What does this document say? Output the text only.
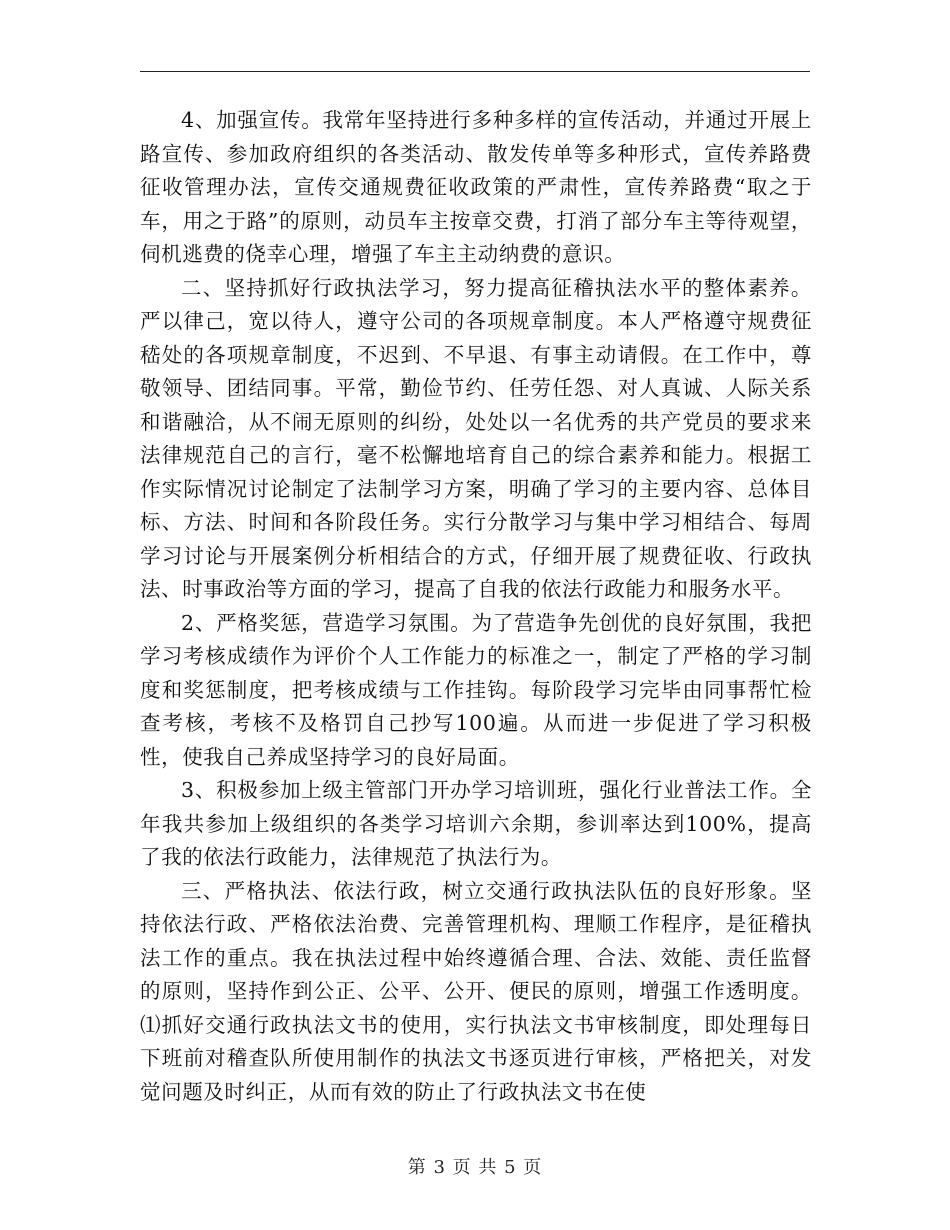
4、加强宣传。我常年坚持进行多种多样的宣传活动，并通过开展上路宣传、参加政府组织的各类活动、散发传单等多种形式，宣传养路费征收管理办法，宣传交通规费征收政策的严肃性，宣传养路费“取之于车，用之于路”的原则，动员车主按章交费，打消了部分车主等待观望，伺机逃费的侥幸心理，增强了车主主动纳费的意识。

二、坚持抓好行政执法学习，努力提高征稽执法水平的整体素养。严以律己，宽以待人，遵守公司的各项规章制度。本人严格遵守规费征嵇处的各项规章制度，不迟到、不早退、有事主动请假。在工作中，尊敬领导、团结同事。平常，勤俭节约、任劳任怨、对人真诚、人际关系和谐融洽，从不闹无原则的纠纷，处处以一名优秀的共产党员的要求来法律规范自己的言行，毫不松懈地培育自己的综合素养和能力。根据工作实际情况讨论制定了法制学习方案，明确了学习的主要内容、总体目标、方法、时间和各阶段任务。实行分散学习与集中学习相结合、每周学习讨论与开展案例分析相结合的方式，仔细开展了规费征收、行政执法、时事政治等方面的学习，提高了自我的依法行政能力和服务水平。

2、严格奖惩，营造学习氛围。为了营造争先创优的良好氛围，我把学习考核成绩作为评价个人工作能力的标准之一，制定了严格的学习制度和奖惩制度，把考核成绩与工作挂钩。每阶段学习完毕由同事帮忙检查考核，考核不及格罚自己抄写100遍。从而进一步促进了学习积极性，使我自己养成坚持学习的良好局面。

3、积极参加上级主管部门开办学习培训班，强化行业普法工作。全年我共参加上级组织的各类学习培训六余期，参训率达到100%，提高了我的依法行政能力，法律规范了执法行为。

三、严格执法、依法行政，树立交通行政执法队伍的良好形象。坚持依法行政、严格依法治费、完善管理机构、理顺工作程序，是征稽执法工作的重点。我在执法过程中始终遵循合理、合法、效能、责任监督的原则，坚持作到公正、公平、公开、便民的原则，增强工作透明度。⑴抓好交通行政执法文书的使用，实行执法文书审核制度，即处理每日下班前对稽查队所使用制作的执法文书逐页进行审核，严格把关，对发觉问题及时纠正，从而有效的防止了行政执法文书在使

第 3 页 共 5 页
